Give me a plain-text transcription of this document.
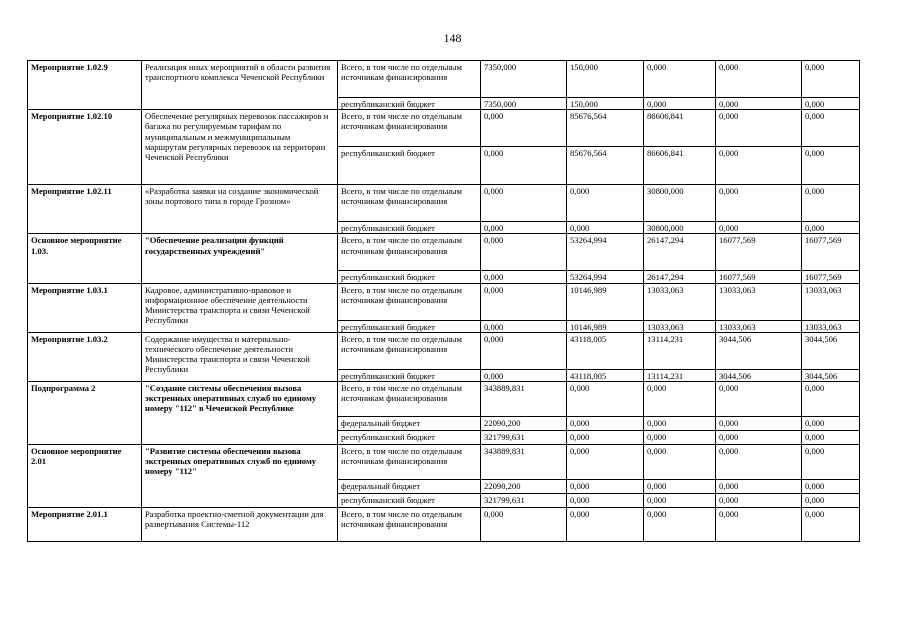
148
Мероприятие 1.02.9	Реализация иных мероприятий в области развития транспортного комплекса Чеченской Республики	Всего, в том числе по отдельным источникам финансирования	7350,000	150,000	0,000	0,000	0,000
		республиканский бюджет	7350,000	150,000	0,000	0,000	0,000
Мероприятие 1.02.10	Обеспечение регулярных перевозок пассажиров и багажа по регулируемым тарифам по муниципальным и межмуниципальным маршрутам регулярных перевозок на территории Чеченской Республики	Всего, в том числе по отдельным источникам финансирования	0,000	85676,564	86606,841	0,000	0,000
		республиканский бюджет	0,000	85676,564	86606,841	0,000	0,000
Мероприятие 1.02.11	«Разработка заявки на создание экономической зоны портового типа в городе Грозном»	Всего, в том числе по отдельным источникам финансирования	0,000	0,000	30800,000	0,000	0,000
		республиканский бюджет	0,000	0,000	30800,000	0,000	0,000
Основное мероприятие 1.03.	"Обеспечение реализации функций государственных учреждений"	Всего, в том числе по отдельным источникам финансирования	0,000	53264,994	26147,294	16077,569	16077,569
		республиканский бюджет	0,000	53264,994	26147,294	16077,569	16077,569
Мероприятие 1.03.1	Кадровое, административно-правовое и информационное обеспечение деятельности Министерства транспорта и связи Чеченской Республики	Всего, в том числе по отдельным источникам финансирования	0,000	10146,989	13033,063	13033,063	13033,063
		республиканский бюджет	0,000	10146,989	13033,063	13033,063	13033,063
Мероприятие 1.03.2	Содержание имущества и материально-технического обеспечение деятельности Министерства транспорта и связи Чеченской Республики	Всего, в том числе по отдельным источникам финансирования	0,000	43118,005	13114,231	3044,506	3044,506
		республиканский бюджет	0,000	43118,005	13114,231	3044,506	3044,506
Подпрограмма 2	"Создание системы обеспечения вызова экстренных оперативных служб по единому номеру "112" в Чеченской Республике	Всего, в том числе по отдельным источникам финансирования	343889,831	0,000	0,000	0,000	0,000
		федеральный бюджет	22090,200	0,000	0,000	0,000	0,000
		республиканский бюджет	321799,631	0,000	0,000	0,000	0,000
Основное мероприятие 2.01	"Развитие системы обеспечения вызова экстренных оперативных служб по единому номеру "112"	Всего, в том числе по отдельным источникам финансирования	343889,831	0,000	0,000	0,000	0,000
		федеральный бюджет	22090,200	0,000	0,000	0,000	0,000
		республиканский бюджет	321799,631	0,000	0,000	0,000	0,000
Мероприятие 2.01.1	Разработка проектно-сметной документации для развертывания Системы-112	Всего, в том числе по отдельным источникам финансирования	0,000	0,000	0,000	0,000	0,000
